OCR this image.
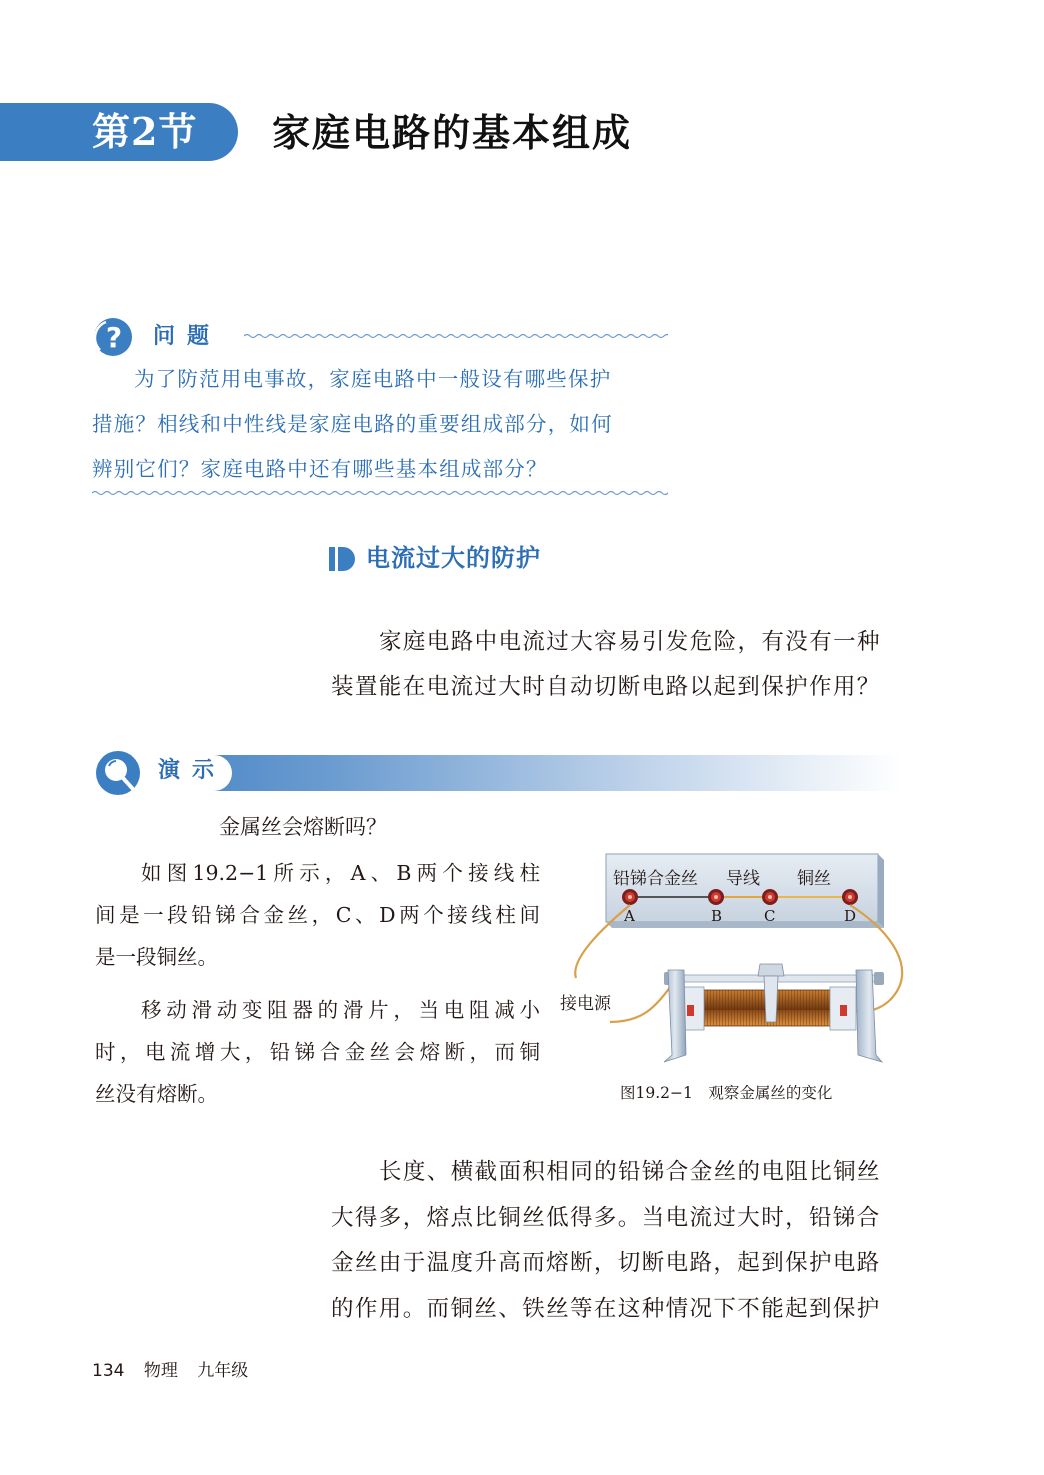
第2节 家庭电路的基本组成
? 问题
为了防范用电事故，家庭电路中一般设有哪些保护
措施？相线和中性线是家庭电路的重要组成部分，如何
辨别它们？家庭电路中还有哪些基本组成部分？
电流过大的防护
家庭电路中电流过大容易引发危险，有没有一种
装置能在电流过大时自动切断电路以起到保护作用？
演示
金属丝会熔断吗？
如图19.2−1所示，A、B两个接线柱
间是一段铅锑合金丝，C、D两个接线柱间
是一段铜丝。
移动滑动变阻器的滑片，当电阻减小
时，电流增大，铅锑合金丝会熔断，而铜
丝没有熔断。
铅锑合金丝 导线 铜丝
A	B	C	D
接电源
图19.2−1　观察金属丝的变化
长度、横截面积相同的铅锑合金丝的电阻比铜丝
大得多，熔点比铜丝低得多。当电流过大时，铅锑合
金丝由于温度升高而熔断，切断电路，起到保护电路
的作用。而铜丝、铁丝等在这种情况下不能起到保护
134 物理 九年级
